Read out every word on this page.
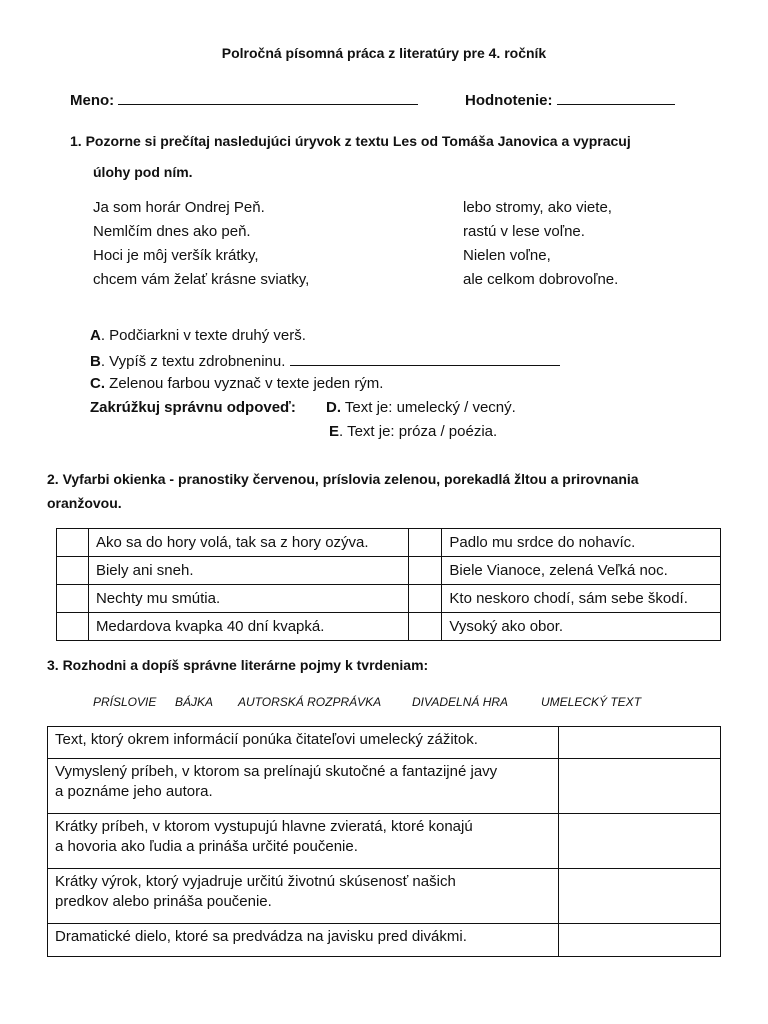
Polročná písomná práca z literatúry pre 4. ročník
Meno:	Hodnotenie:
1. Pozorne si prečítaj nasledujúci úryvok z textu Les od Tomáša Janovica a vypracuj
úlohy pod ním.
Ja som horár Ondrej Peň.
Nemlčím dnes ako peň.
Hoci je môj veršík krátky,
chcem vám želať krásne sviatky,
lebo stromy, ako viete,
rastú v lese voľne.
Nielen voľne,
ale celkom dobrovoľne.
A. Podčiarkni v texte druhý verš.
B. Vypíš z textu zdrobneninu.
C. Zelenou farbou vyznač v texte jeden rým.
Zakrúžkuj správnu odpoveď: D. Text je: umelecký / vecný.
E. Text je: próza / poézia.
2. Vyfarbi okienka - pranostiky červenou, príslovia zelenou, porekadlá žltou a prirovnania
oranžovou.
	Ako sa do hory volá, tak sa z hory ozýva.		Padlo mu srdce do nohavíc.
	Biely ani sneh.		Biele Vianoce, zelená Veľká noc.
	Nechty mu smútia.		Kto neskoro chodí, sám sebe škodí.
	Medardova kvapka 40 dní kvapká.		Vysoký ako obor.
3. Rozhodni a dopíš správne literárne pojmy k tvrdeniam:
PRÍSLOVIE BÁJKA AUTORSKÁ ROZPRÁVKA	DIVADELNÁ HRA	UMELECKÝ TEXT
Text, ktorý okrem informácií ponúka čitateľovi umelecký zážitok.	

Vymyslený príbeh, v ktorom sa prelínajú skutočné a fantazijné javy
a poznáme jeho autora.	

Krátky príbeh, v ktorom vystupujú hlavne zvieratá, ktoré konajú
a hovoria ako ľudia a prináša určité poučenie.	

Krátky výrok, ktorý vyjadruje určitú životnú skúsenosť našich
predkov alebo prináša poučenie.	

Dramatické dielo, ktoré sa predvádza na javisku pred divákmi.	
